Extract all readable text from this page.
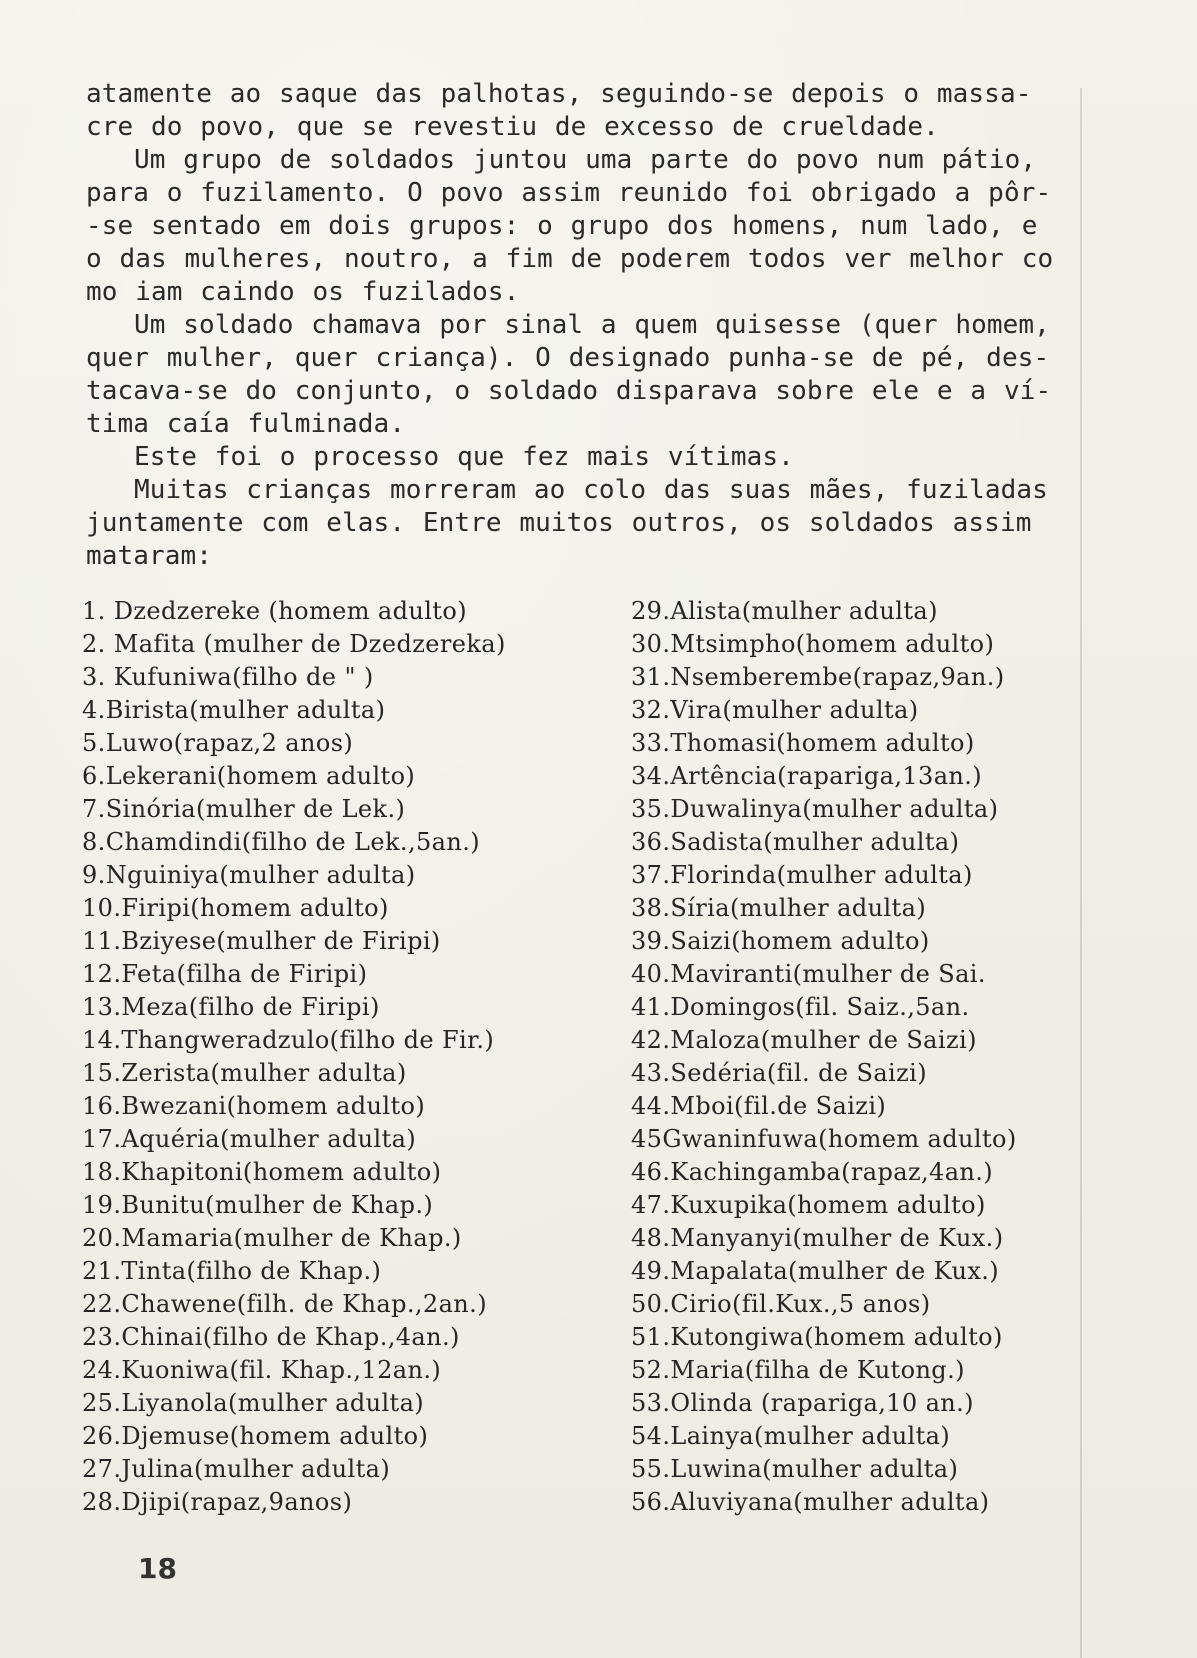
atamente ao saque das palhotas, seguindo-se depois o massa-
cre do povo, que se revestiu de excesso de crueldade.

Um grupo de soldados juntou uma parte do povo num pátio,
para o fuzilamento. O povo assim reunido foi obrigado a pôr-
-se sentado em dois grupos: o grupo dos homens, num lado, e
o das mulheres, noutro, a fim de poderem todos ver melhor co
mo iam caindo os fuzilados.

Um soldado chamava por sinal a quem quisesse (quer homem,
quer mulher, quer criança). O designado punha-se de pé, des-
tacava-se do conjunto, o soldado disparava sobre ele e a ví-
tima caía fulminada.

Este foi o processo que fez mais vítimas.

Muitas crianças morreram ao colo das suas mães, fuziladas
juntamente com elas. Entre muitos outros, os soldados assim
mataram:

1. Dzedzereke (homem adulto)
2. Mafita (mulher de Dzedzereka)
3. Kufuniwa(filho de " )
4.Birista(mulher adulta)
5.Luwo(rapaz,2 anos)
6.Lekerani(homem adulto)
7.Sinória(mulher de Lek.)
8.Chamdindi(filho de Lek.,5an.)
9.Nguiniya(mulher adulta)
10.Firipi(homem adulto)
11.Bziyese(mulher de Firipi)
12.Feta(filha de Firipi)
13.Meza(filho de Firipi)
14.Thangweradzulo(filho de Fir.)
15.Zerista(mulher adulta)
16.Bwezani(homem adulto)
17.Aquéria(mulher adulta)
18.Khapitoni(homem adulto)
19.Bunitu(mulher de Khap.)
20.Mamaria(mulher de Khap.)
21.Tinta(filho de Khap.)
22.Chawene(filh. de Khap.,2an.)
23.Chinai(filho de Khap.,4an.)
24.Kuoniwa(fil. Khap.,12an.)
25.Liyanola(mulher adulta)
26.Djemuse(homem adulto)
27.Julina(mulher adulta)
28.Djipi(rapaz,9anos)
29.Alista(mulher adulta)
30.Mtsimpho(homem adulto)
31.Nsemberembe(rapaz,9an.)
32.Vira(mulher adulta)
33.Thomasi(homem adulto)
34.Artência(rapariga,13an.)
35.Duwalinya(mulher adulta)
36.Sadista(mulher adulta)
37.Florinda(mulher adulta)
38.Síria(mulher adulta)
39.Saizi(homem adulto)
40.Maviranti(mulher de Sai.
41.Domingos(fil. Saiz.,5an.
42.Maloza(mulher de Saizi)
43.Sedéria(fil. de Saizi)
44.Mboi(fil.de Saizi)
45Gwaninfuwa(homem adulto)
46.Kachingamba(rapaz,4an.)
47.Kuxupika(homem adulto)
48.Manyanyi(mulher de Kux.)
49.Mapalata(mulher de Kux.)
50.Cirio(fil.Kux.,5 anos)
51.Kutongiwa(homem adulto)
52.Maria(filha de Kutong.)
53.Olinda (rapariga,10 an.)
54.Lainya(mulher adulta)
55.Luwina(mulher adulta)
56.Aluviyana(mulher adulta)
18
